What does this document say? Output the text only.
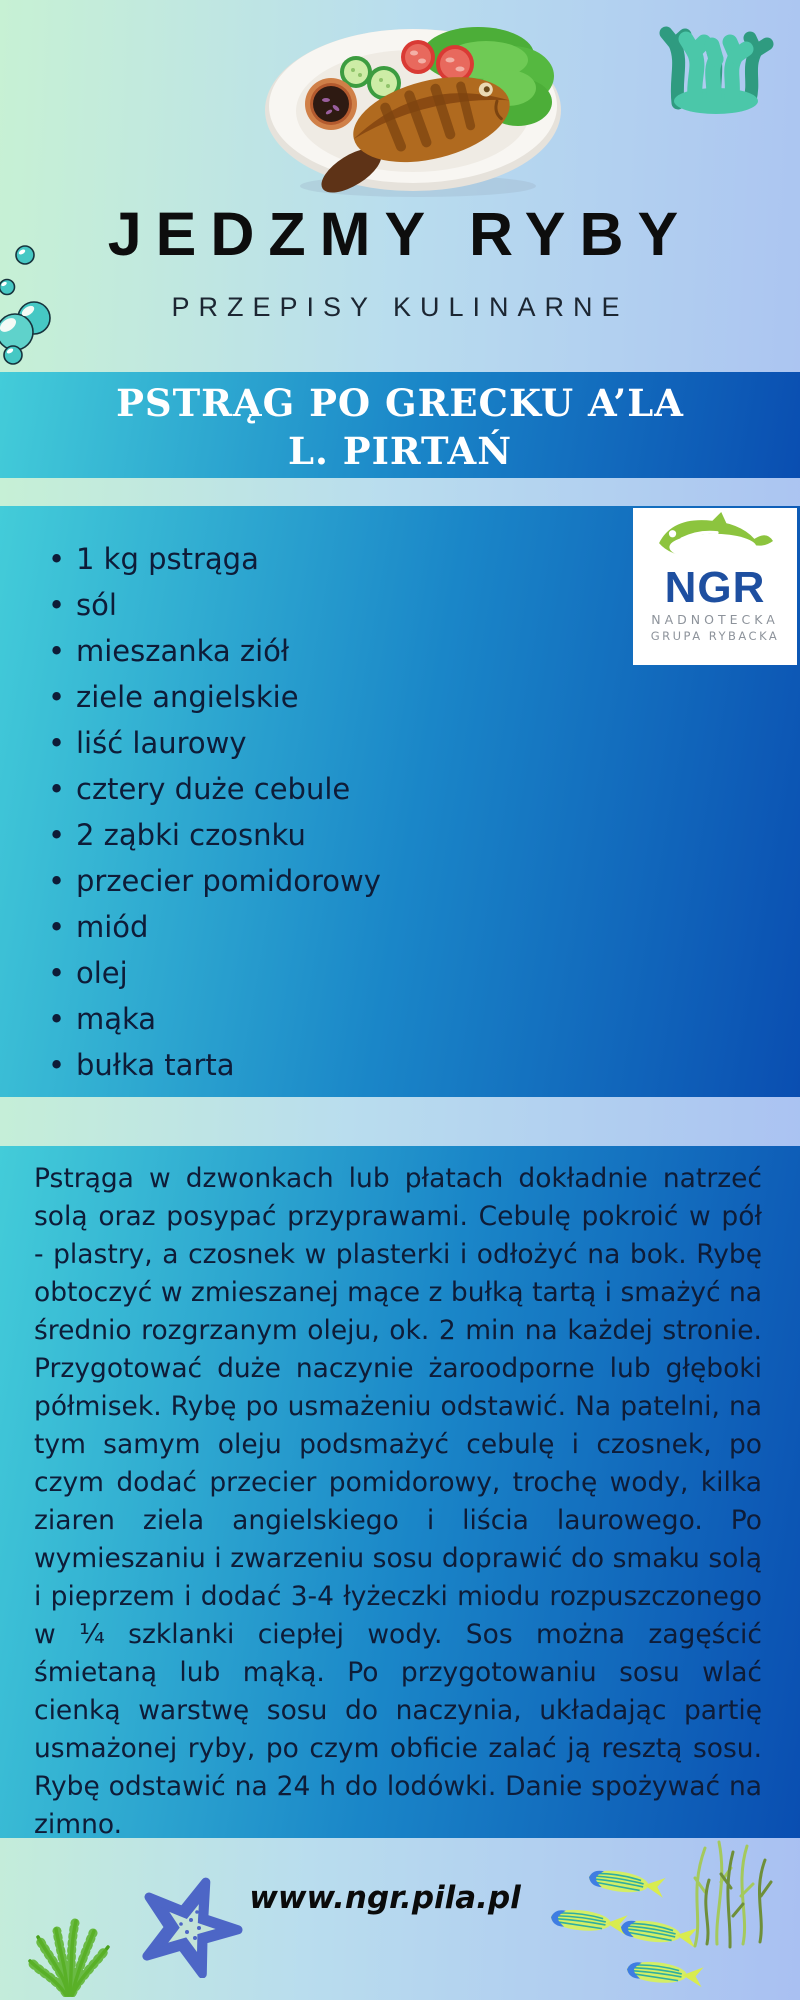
JEDZMY RYBY
PRZEPISY KULINARNE
PSTRĄG PO GRECKU A’LA
L. PIRTAŃ
• 1 kg pstrąga
• sól
• mieszanka ziół
• ziele angielskie
• liść laurowy
• cztery duże cebule
• 2 ząbki czosnku
• przecier pomidorowy
• miód
• olej
• mąka
• bułka tarta
NGR
NADNOTECKA
GRUPA RYBACKA

Pstrąga w dzwonkach lub płatach dokładnie natrzeć solą oraz posypać przyprawami. Cebulę pokroić w pół - plastry, a czosnek w plasterki i odłożyć na bok. Rybę obtoczyć w zmieszanej mące z bułką tartą i smażyć na średnio rozgrzanym oleju, ok. 2 min na każdej stronie. Przygotować duże naczynie żaroodporne lub głęboki półmisek. Rybę po usmażeniu odstawić. Na patelni, na tym samym oleju podsmażyć cebulę i czosnek, po czym dodać przecier pomidorowy, trochę wody, kilka ziaren ziela angielskiego i liścia laurowego. Po wymieszaniu i zwarzeniu sosu doprawić do smaku solą i pieprzem i dodać 3-4 łyżeczki miodu rozpuszczonego w ¼ szklanki ciepłej wody. Sos można zagęścić śmietaną lub mąką. Po przygotowaniu sosu wlać cienką warstwę sosu do naczynia, układając partię usmażonej ryby, po czym obficie zalać ją resztą sosu. Rybę odstawić na 24 h do lodówki. Danie spożywać na zimno.

www.ngr.pila.pl
